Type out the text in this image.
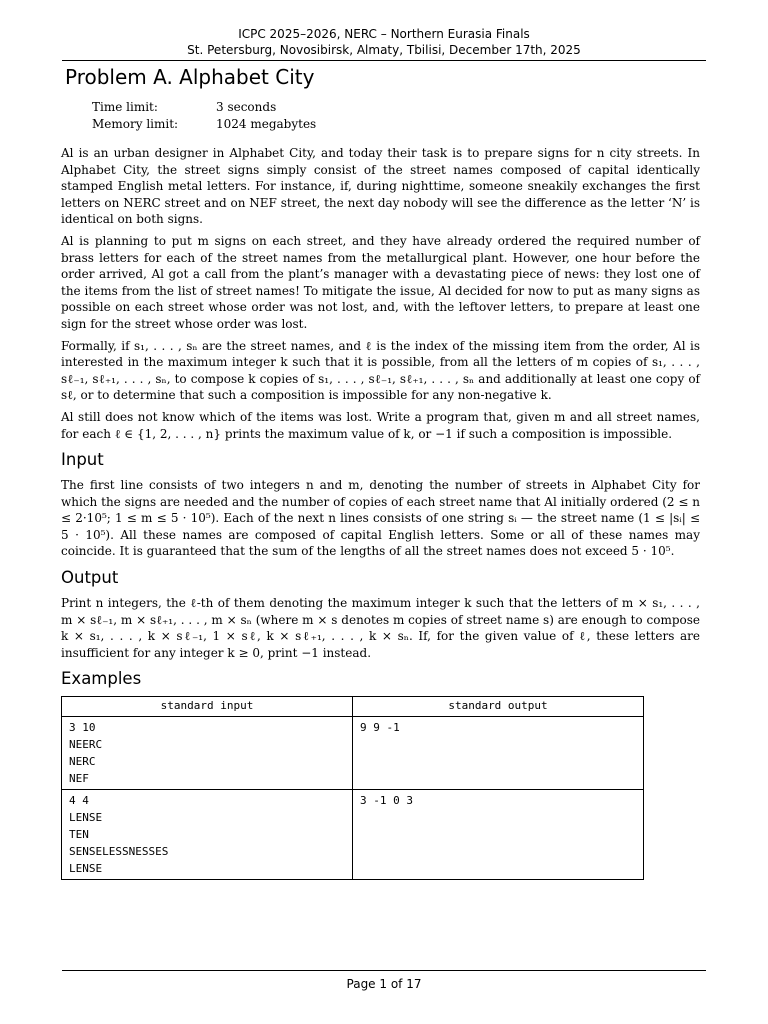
ICPC 2025–2026, NERC – Northern Eurasia Finals
St. Petersburg, Novosibirsk, Almaty, Tbilisi, December 17th, 2025
Problem A. Alphabet City
Time limit:	3 seconds
Memory limit:	1024 megabytes

Al is an urban designer in Alphabet City, and today their task is to prepare signs for n city streets. In Alphabet City, the street signs simply consist of the street names composed of capital identically stamped English metal letters. For instance, if, during nighttime, someone sneakily exchanges the first letters on NERC street and on NEF street, the next day nobody will see the difference as the letter ‘N’ is identical on both signs.

Al is planning to put m signs on each street, and they have already ordered the required number of brass letters for each of the street names from the metallurgical plant. However, one hour before the order arrived, Al got a call from the plant’s manager with a devastating piece of news: they lost one of the items from the list of street names! To mitigate the issue, Al decided for now to put as many signs as possible on each street whose order was not lost, and, with the leftover letters, to prepare at least one sign for the street whose order was lost.

Formally, if s₁, . . . , sₙ are the street names, and ℓ is the index of the missing item from the order, Al is interested in the maximum integer k such that it is possible, from all the letters of m copies of s₁, . . . , sℓ₋₁, sℓ₊₁, . . . , sₙ, to compose k copies of s₁, . . . , sℓ₋₁, sℓ₊₁, . . . , sₙ and additionally at least one copy of sℓ, or to determine that such a composition is impossible for any non-negative k.

Al still does not know which of the items was lost. Write a program that, given m and all street names, for each ℓ ∈ {1, 2, . . . , n} prints the maximum value of k, or −1 if such a composition is impossible.

Input

The first line consists of two integers n and m, denoting the number of streets in Alphabet City for which the signs are needed and the number of copies of each street name that Al initially ordered (2 ≤ n ≤ 2·10⁵; 1 ≤ m ≤ 5 · 10⁵). Each of the next n lines consists of one string sᵢ — the street name (1 ≤ |sᵢ| ≤ 5 · 10⁵). All these names are composed of capital English letters. Some or all of these names may coincide. It is guaranteed that the sum of the lengths of all the street names does not exceed 5 · 10⁵.

Output

Print n integers, the ℓ-th of them denoting the maximum integer k such that the letters of m × s₁, . . . , m × sℓ₋₁, m × sℓ₊₁, . . . , m × sₙ (where m × s denotes m copies of street name s) are enough to compose k × s₁, . . . , k × sℓ₋₁, 1 × sℓ, k × sℓ₊₁, . . . , k × sₙ. If, for the given value of ℓ, these letters are insufficient for any integer k ≥ 0, print −1 instead.

Examples
standard input	standard output

3 10
NEERC
NERC
NEF	9 9 -1

4 4
LENSE
TEN
SENSELESSNESSES
LENSE	3 -1 0 3
Page 1 of 17
